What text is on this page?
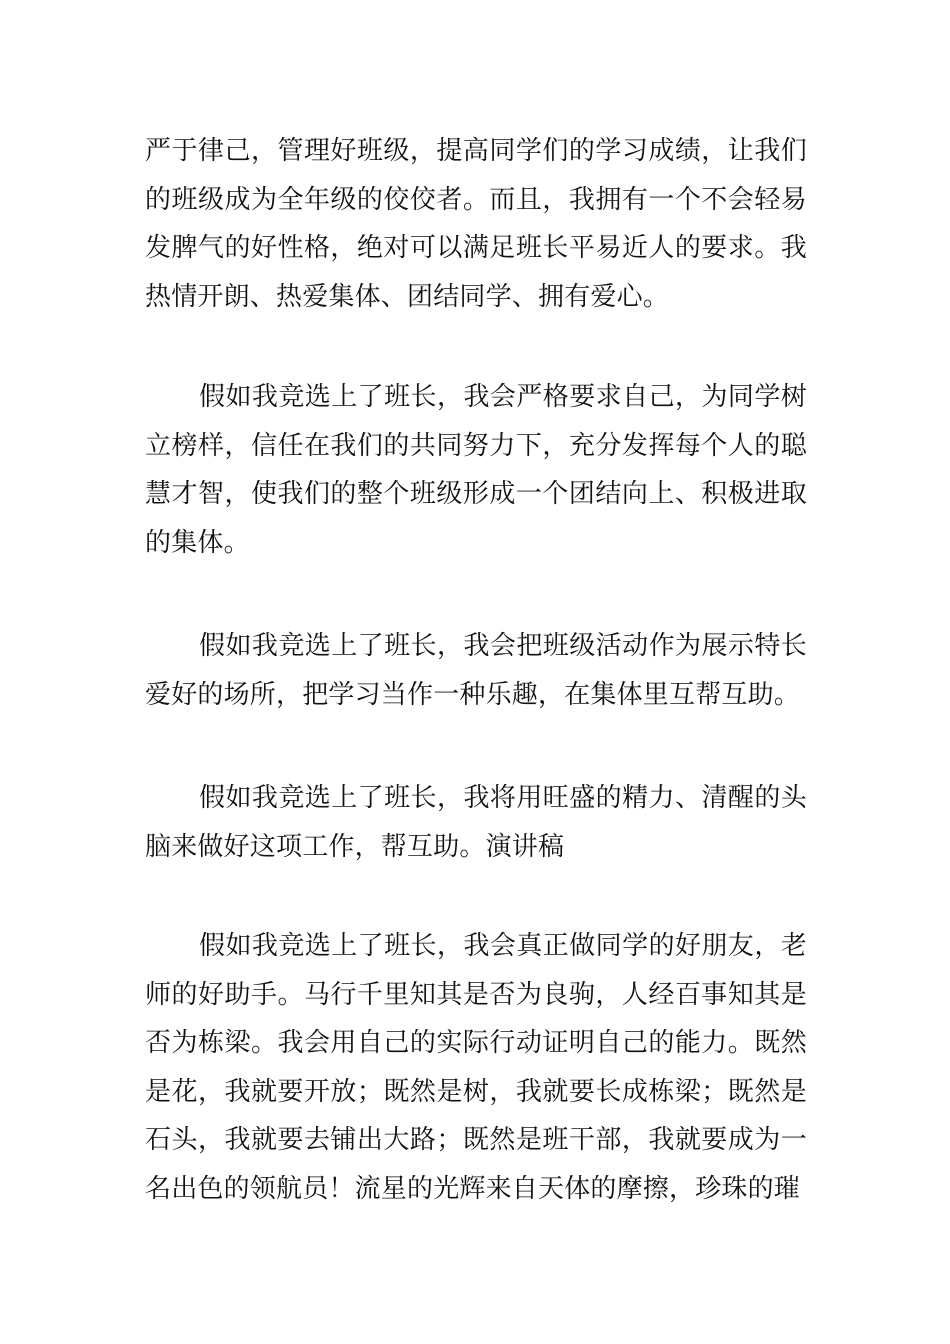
严于律己，管理好班级，提高同学们的学习成绩，让我们的班级成为全年级的佼佼者。而且，我拥有一个不会轻易发脾气的好性格，绝对可以满足班长平易近人的要求。我热情开朗、热爱集体、团结同学、拥有爱心。

假如我竞选上了班长，我会严格要求自己，为同学树立榜样，信任在我们的共同努力下，充分发挥每个人的聪慧才智，使我们的整个班级形成一个团结向上、积极进取的集体。

假如我竞选上了班长，我会把班级活动作为展示特长爱好的场所，把学习当作一种乐趣，在集体里互帮互助。

假如我竞选上了班长，我将用旺盛的精力、清醒的头脑来做好这项工作，帮互助。演讲稿

假如我竞选上了班长，我会真正做同学的好朋友，老师的好助手。马行千里知其是否为良驹，人经百事知其是否为栋梁。我会用自己的实际行动证明自己的能力。既然是花，我就要开放；既然是树，我就要长成栋梁；既然是石头，我就要去铺出大路；既然是班干部，我就要成为一名出色的领航员！流星的光辉来自天体的摩擦，珍珠的璀
